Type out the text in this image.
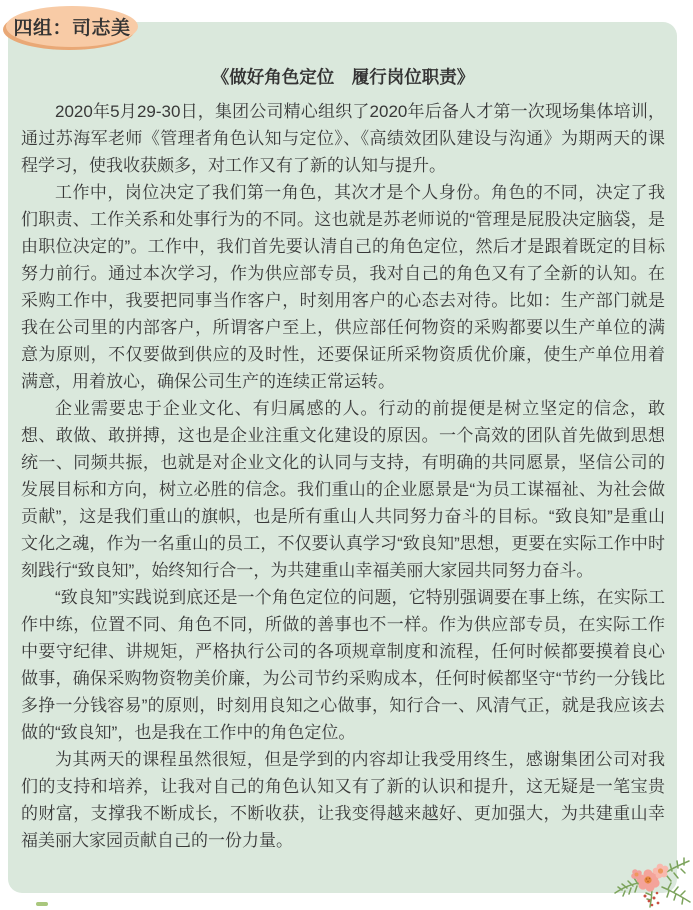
四组：司志美
《做好角色定位　履行岗位职责》

2020年5月29-30日，集团公司精心组织了2020年后备人才第一次现场集体培训，通过苏海军老师《管理者角色认知与定位》、《高绩效团队建设与沟通》为期两天的课程学习，使我收获颇多，对工作又有了新的认知与提升。

工作中，岗位决定了我们第一角色，其次才是个人身份。角色的不同，决定了我们职责、工作关系和处事行为的不同。这也就是苏老师说的“管理是屁股决定脑袋，是由职位决定的”。工作中，我们首先要认清自己的角色定位，然后才是跟着既定的目标努力前行。通过本次学习，作为供应部专员，我对自己的角色又有了全新的认知。在采购工作中，我要把同事当作客户，时刻用客户的心态去对待。比如：生产部门就是我在公司里的内部客户，所谓客户至上，供应部任何物资的采购都要以生产单位的满意为原则，不仅要做到供应的及时性，还要保证所采物资质优价廉，使生产单位用着满意，用着放心，确保公司生产的连续正常运转。

企业需要忠于企业文化、有归属感的人。行动的前提便是树立坚定的信念，敢想、敢做、敢拼搏，这也是企业注重文化建设的原因。一个高效的团队首先做到思想统一、同频共振，也就是对企业文化的认同与支持，有明确的共同愿景，坚信公司的发展目标和方向，树立必胜的信念。我们重山的企业愿景是“为员工谋福祉、为社会做贡献”，这是我们重山的旗帜，也是所有重山人共同努力奋斗的目标。“致良知”是重山文化之魂，作为一名重山的员工，不仅要认真学习“致良知”思想，更要在实际工作中时刻践行“致良知”，始终知行合一，为共建重山幸福美丽大家园共同努力奋斗。

“致良知”实践说到底还是一个角色定位的问题，它特别强调要在事上练，在实际工作中练，位置不同、角色不同，所做的善事也不一样。作为供应部专员，在实际工作中要守纪律、讲规矩，严格执行公司的各项规章制度和流程，任何时候都要摸着良心做事，确保采购物资物美价廉，为公司节约采购成本，任何时候都坚守“节约一分钱比多挣一分钱容易”的原则，时刻用良知之心做事，知行合一、风清气正，就是我应该去做的“致良知”，也是我在工作中的角色定位。

为其两天的课程虽然很短，但是学到的内容却让我受用终生，感谢集团公司对我们的支持和培养，让我对自己的角色认知又有了新的认识和提升，这无疑是一笔宝贵的财富，支撑我不断成长，不断收获，让我变得越来越好、更加强大，为共建重山幸福美丽大家园贡献自己的一份力量。
